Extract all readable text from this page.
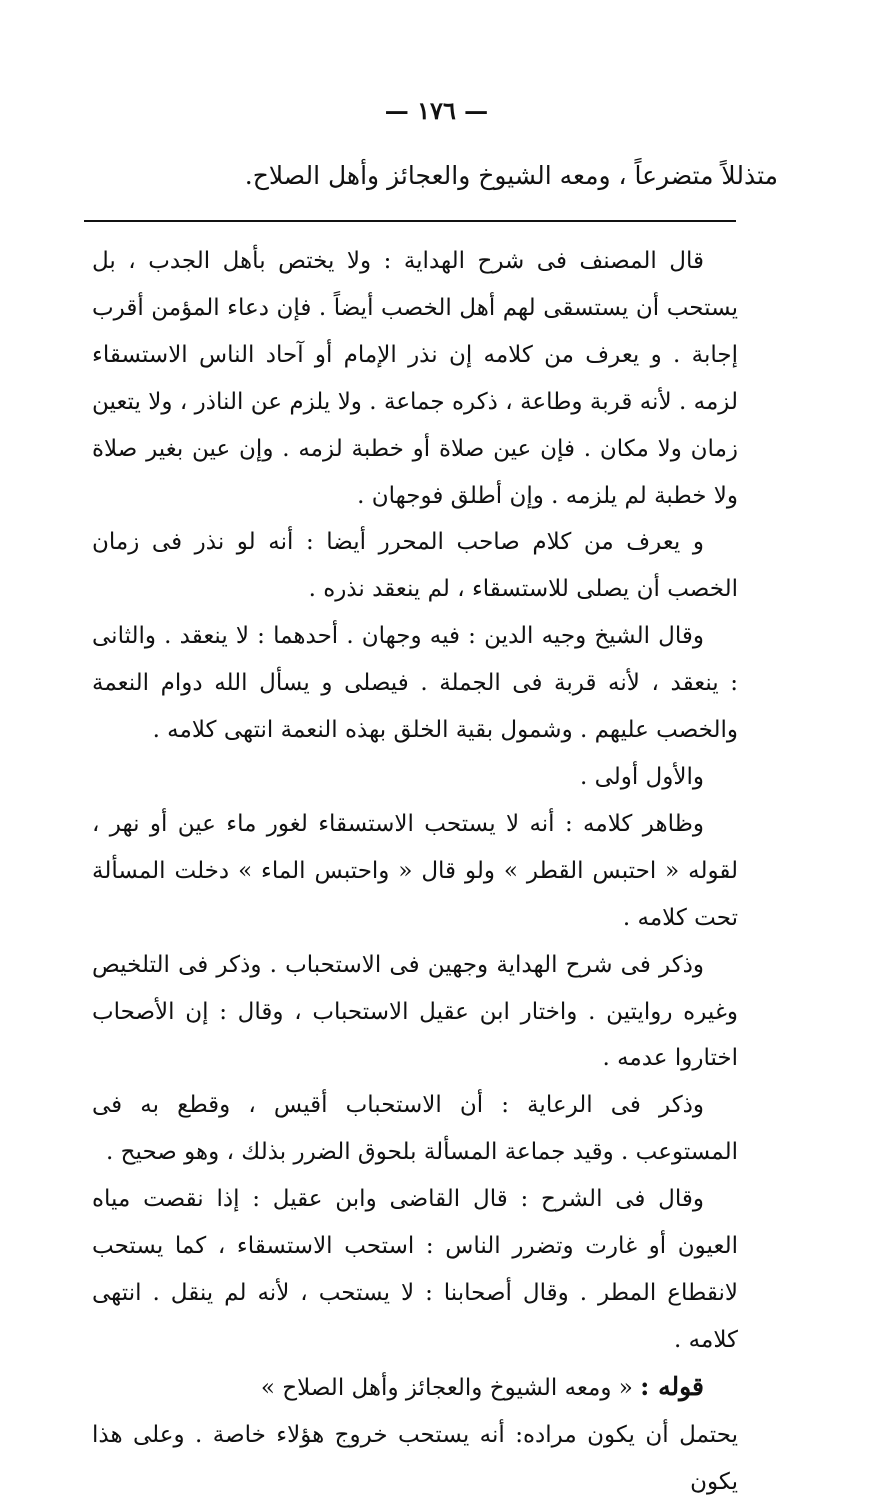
— ١٧٦ —
متذللاً متضرعاً ، ومعه الشيوخ والعجائز وأهل الصلاح.

قال المصنف فى شرح الهداية : ولا يختص بأهل الجدب ، بل يستحب أن يستسقى لهم أهل الخصب أيضاً . فإن دعاء المؤمن أقرب إجابة . و يعرف من كلامه إن نذر الإمام أو آحاد الناس الاستسقاء لزمه . لأنه قربة وطاعة ، ذكره جماعة . ولا يلزم عن الناذر ، ولا يتعين زمان ولا مكان . فإن عين صلاة أو خطبة لزمه . وإن عين بغير صلاة ولا خطبة لم يلزمه . وإن أطلق فوجهان .

و يعرف من كلام صاحب المحرر أيضا : أنه لو نذر فى زمان الخصب أن يصلى للاستسقاء ، لم ينعقد نذره .

وقال الشيخ وجيه الدين : فيه وجهان . أحدهما : لا ينعقد . والثانى : ينعقد ، لأنه قربة فى الجملة . فيصلى و يسأل الله دوام النعمة والخصب عليهم . وشمول بقية الخلق بهذه النعمة انتهى كلامه .

والأول أولى .

وظاهر كلامه : أنه لا يستحب الاستسقاء لغور ماء عين أو نهر ، لقوله « احتبس القطر » ولو قال « واحتبس الماء » دخلت المسألة تحت كلامه .

وذكر فى شرح الهداية وجهين فى الاستحباب . وذكر فى التلخيص وغيره روايتين . واختار ابن عقيل الاستحباب ، وقال : إن الأصحاب اختاروا عدمه .

وذكر فى الرعاية : أن الاستحباب أقيس ، وقطع به فى المستوعب . وقيد جماعة المسألة بلحوق الضرر بذلك ، وهو صحيح .

وقال فى الشرح : قال القاضى وابن عقيل : إذا نقصت مياه العيون أو غارت وتضرر الناس : استحب الاستسقاء ، كما يستحب لانقطاع المطر . وقال أصحابنا : لا يستحب ، لأنه لم ينقل . انتهى كلامه .

قوله : « ومعه الشيوخ والعجائز وأهل الصلاح »

يحتمل أن يكون مراده: أنه يستحب خروج هؤلاء خاصة . وعلى هذا يكون
